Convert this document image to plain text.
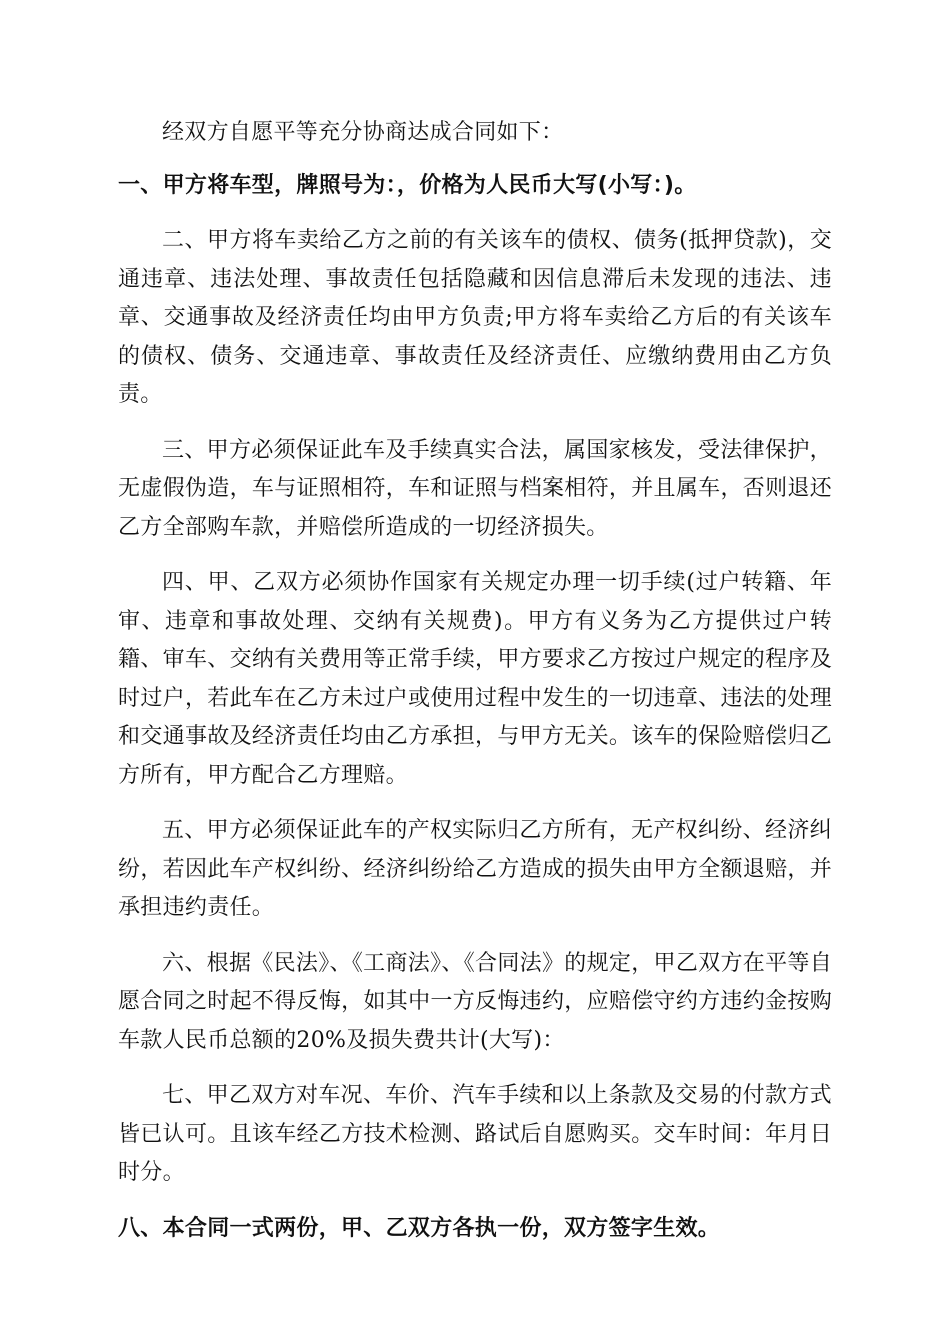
经双方自愿平等充分协商达成合同如下：

一、甲方将车型，牌照号为：，价格为人民币大写(小写：)。

二、甲方将车卖给乙方之前的有关该车的债权、债务(抵押贷款)，交通违章、违法处理、事故责任包括隐藏和因信息滞后未发现的违法、违章、交通事故及经济责任均由甲方负责;甲方将车卖给乙方后的有关该车的债权、债务、交通违章、事故责任及经济责任、应缴纳费用由乙方负责。

三、甲方必须保证此车及手续真实合法，属国家核发，受法律保护，无虚假伪造，车与证照相符，车和证照与档案相符，并且属车，否则退还乙方全部购车款，并赔偿所造成的一切经济损失。

四、甲、乙双方必须协作国家有关规定办理一切手续(过户转籍、年审、违章和事故处理、交纳有关规费)。甲方有义务为乙方提供过户转籍、审车、交纳有关费用等正常手续，甲方要求乙方按过户规定的程序及时过户，若此车在乙方未过户或使用过程中发生的一切违章、违法的处理和交通事故及经济责任均由乙方承担，与甲方无关。该车的保险赔偿归乙方所有，甲方配合乙方理赔。

五、甲方必须保证此车的产权实际归乙方所有，无产权纠纷、经济纠纷，若因此车产权纠纷、经济纠纷给乙方造成的损失由甲方全额退赔，并承担违约责任。

六、根据《民法》、《工商法》、《合同法》的规定，甲乙双方在平等自愿合同之时起不得反悔，如其中一方反悔违约，应赔偿守约方违约金按购车款人民币总额的20%及损失费共计(大写)：

七、甲乙双方对车况、车价、汽车手续和以上条款及交易的付款方式皆已认可。且该车经乙方技术检测、路试后自愿购买。交车时间：年月日时分。

八、本合同一式两份，甲、乙双方各执一份，双方签字生效。
